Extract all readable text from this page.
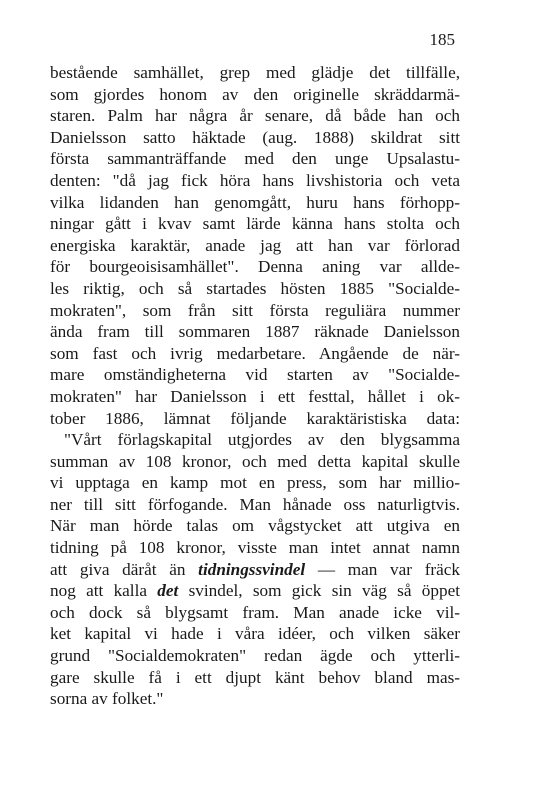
185
bestående samhället, grep med glädje det tillfälle,
som gjordes honom av den originelle skräddarmä-
staren. Palm har några år senare, då både han och
Danielsson satto häktade (aug. 1888) skildrat sitt
första sammanträffande med den unge Upsalastu-
denten: "då jag fick höra hans livshistoria och veta
vilka lidanden han genomgått, huru hans förhopp-
ningar gått i kvav samt lärde känna hans stolta och
energiska karaktär, anade jag att han var förlorad
för bourgeoisisamhället". Denna aning var allde-
les riktig, och så startades hösten 1885 "Socialde-
mokraten", som från sitt första reguliära nummer
ända fram till sommaren 1887 räknade Danielsson
som fast och ivrig medarbetare. Angående de när-
mare omständigheterna vid starten av "Socialde-
mokraten" har Danielsson i ett festtal, hållet i ok-
tober 1886, lämnat följande karaktäristiska data:
"Vårt förlagskapital utgjordes av den blygsamma
summan av 108 kronor, och med detta kapital skulle
vi upptaga en kamp mot en press, som har millio-
ner till sitt förfogande. Man hånade oss naturligtvis.
När man hörde talas om vågstycket att utgiva en
tidning på 108 kronor, visste man intet annat namn
att giva däråt än tidningssvindel — man var fräck
nog att kalla det svindel, som gick sin väg så öppet
och dock så blygsamt fram. Man anade icke vil-
ket kapital vi hade i våra idéer, och vilken säker
grund "Socialdemokraten" redan ägde och ytterli-
gare skulle få i ett djupt känt behov bland mas-
sorna av folket."
